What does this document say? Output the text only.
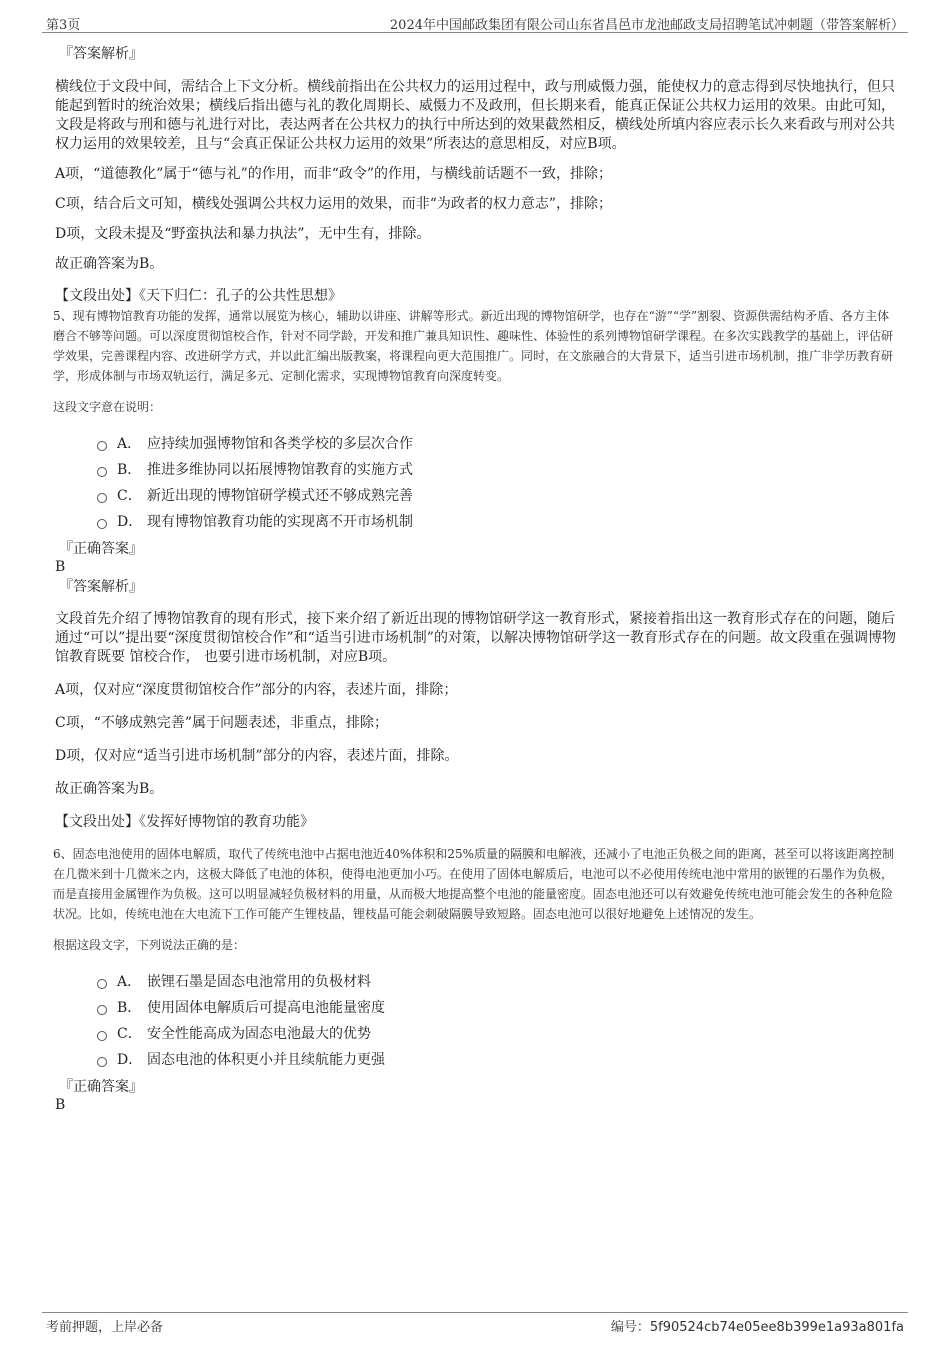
第3页	2024年中国邮政集团有限公司山东省昌邑市龙池邮政支局招聘笔试冲刺题（带答案解析）

『答案解析』

横线位于文段中间，需结合上下文分析。横线前指出在公共权力的运用过程中，政与刑威慑力强，能使权力的意志得到尽快地执行，但只能起到暂时的统治效果；横线后指出德与礼的教化周期长、威慑力不及政刑，但长期来看，能真正保证公共权力运用的效果。由此可知，文段是将政与刑和德与礼进行对比，表达两者在公共权力的执行中所达到的效果截然相反，横线处所填内容应表示长久来看政与刑对公共权力运用的效果较差，且与“会真正保证公共权力运用的效果”所表达的意思相反，对应B项。

A项，“道德教化”属于“德与礼”的作用，而非“政令”的作用，与横线前话题不一致，排除；

C项，结合后文可知，横线处强调公共权力运用的效果，而非“为政者的权力意志”，排除；

D项，文段未提及“野蛮执法和暴力执法”，无中生有，排除。

故正确答案为B。

【文段出处】《天下归仁：孔子的公共性思想》

5、现有博物馆教育功能的发挥，通常以展览为核心，辅助以讲座、讲解等形式。新近出现的博物馆研学，也存在“游”“学”割裂、资源供需结构矛盾、各方主体磨合不够等问题。可以深度贯彻馆校合作，针对不同学龄，开发和推广兼具知识性、趣味性、体验性的系列博物馆研学课程。在多次实践教学的基础上，评估研学效果，完善课程内容、改进研学方式，并以此汇编出版教案，将课程向更大范围推广。同时，在文旅融合的大背景下，适当引进市场机制，推广非学历教育研学，形成体制与市场双轨运行，满足多元、定制化需求，实现博物馆教育向深度转变。

这段文字意在说明：

A． 应持续加强博物馆和各类学校的多层次合作
B． 推进多维协同以拓展博物馆教育的实施方式
C． 新近出现的博物馆研学模式还不够成熟完善
D． 现有博物馆教育功能的实现离不开市场机制

『正确答案』

B

『答案解析』

文段首先介绍了博物馆教育的现有形式，接下来介绍了新近出现的博物馆研学这一教育形式，紧接着指出这一教育形式存在的问题，随后通过“可以”提出要“深度贯彻馆校合作”和“适当引进市场机制”的对策，以解决博物馆研学这一教育形式存在的问题。故文段重在强调博物馆教育既要 馆校合作， 也要引进市场机制，对应B项。

A项，仅对应“深度贯彻馆校合作”部分的内容，表述片面，排除；

C项，“不够成熟完善”属于问题表述，非重点，排除；

D项，仅对应“适当引进市场机制”部分的内容，表述片面，排除。

故正确答案为B。

【文段出处】《发挥好博物馆的教育功能》

6、固态电池使用的固体电解质，取代了传统电池中占据电池近40%体积和25%质量的隔膜和电解液，还减小了电池正负极之间的距离，甚至可以将该距离控制在几微米到十几微米之内，这极大降低了电池的体积，使得电池更加小巧。在使用了固体电解质后，电池可以不必使用传统电池中常用的嵌锂的石墨作为负极，而是直接用金属锂作为负极。这可以明显减轻负极材料的用量，从而极大地提高整个电池的能量密度。固态电池还可以有效避免传统电池可能会发生的各种危险状况。比如，传统电池在大电流下工作可能产生锂枝晶，锂枝晶可能会刺破隔膜导致短路。固态电池可以很好地避免上述情况的发生。

根据这段文字，下列说法正确的是：

A． 嵌锂石墨是固态电池常用的负极材料
B． 使用固体电解质后可提高电池能量密度
C． 安全性能高成为固态电池最大的优势
D． 固态电池的体积更小并且续航能力更强

『正确答案』

B

考前押题，上岸必备	编号：5f90524cb74e05ee8b399e1a93a801fa
